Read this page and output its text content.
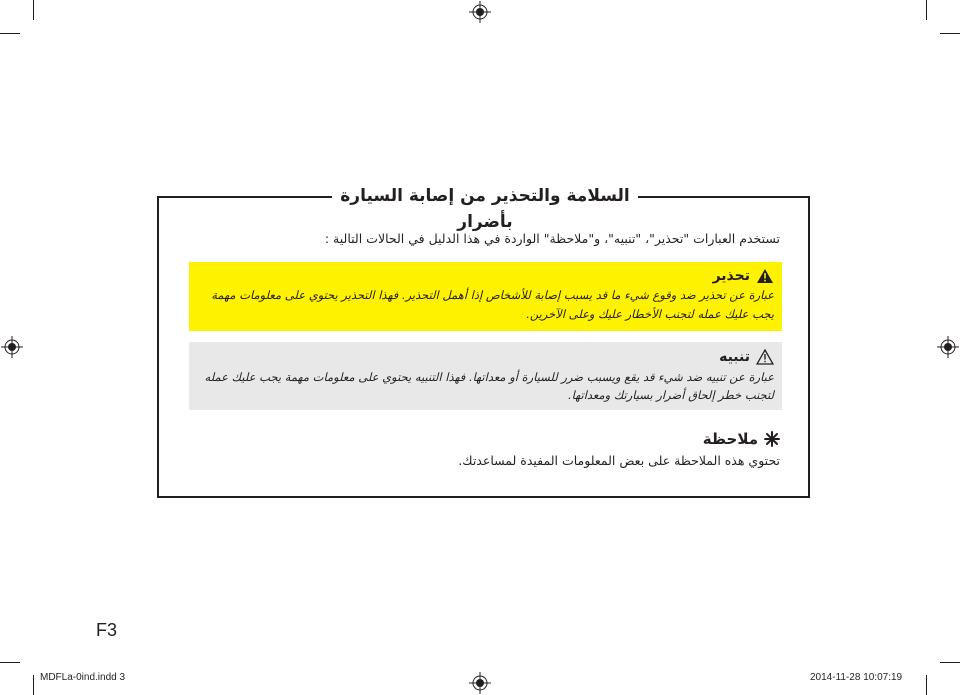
السلامة والتحذير من إصابة السيارة بأضرار
تستخدم العبارات "تحذير"، "تنبيه"، و"ملاحظة" الواردة في هذا الدليل في الحالات التالية :
تحذير
عبارة عن تحذير ضد وقوع شيء ما قد يسبب إصابة للأشخاص إذا أهمل التحذير. فهذا التحذير يحتوي على معلومات مهمة يجب عليك عمله لتجنب الأخطار عليك وعلى الآخرين.
تنبيه
عبارة عن تنبيه ضد شيء قد يقع ويسبب ضرر للسيارة أو معداتها. فهذا التنبيه يحتوي على معلومات مهمة يجب عليك عمله لتجنب خطر إلحاق أضرار بسيارتك ومعداتها.
ملاحظة
تحتوي هذه الملاحظة على بعض المعلومات المفيدة لمساعدتك.
F3
MDFLa-0ind.indd 3	2014-11-28 10:07:19
